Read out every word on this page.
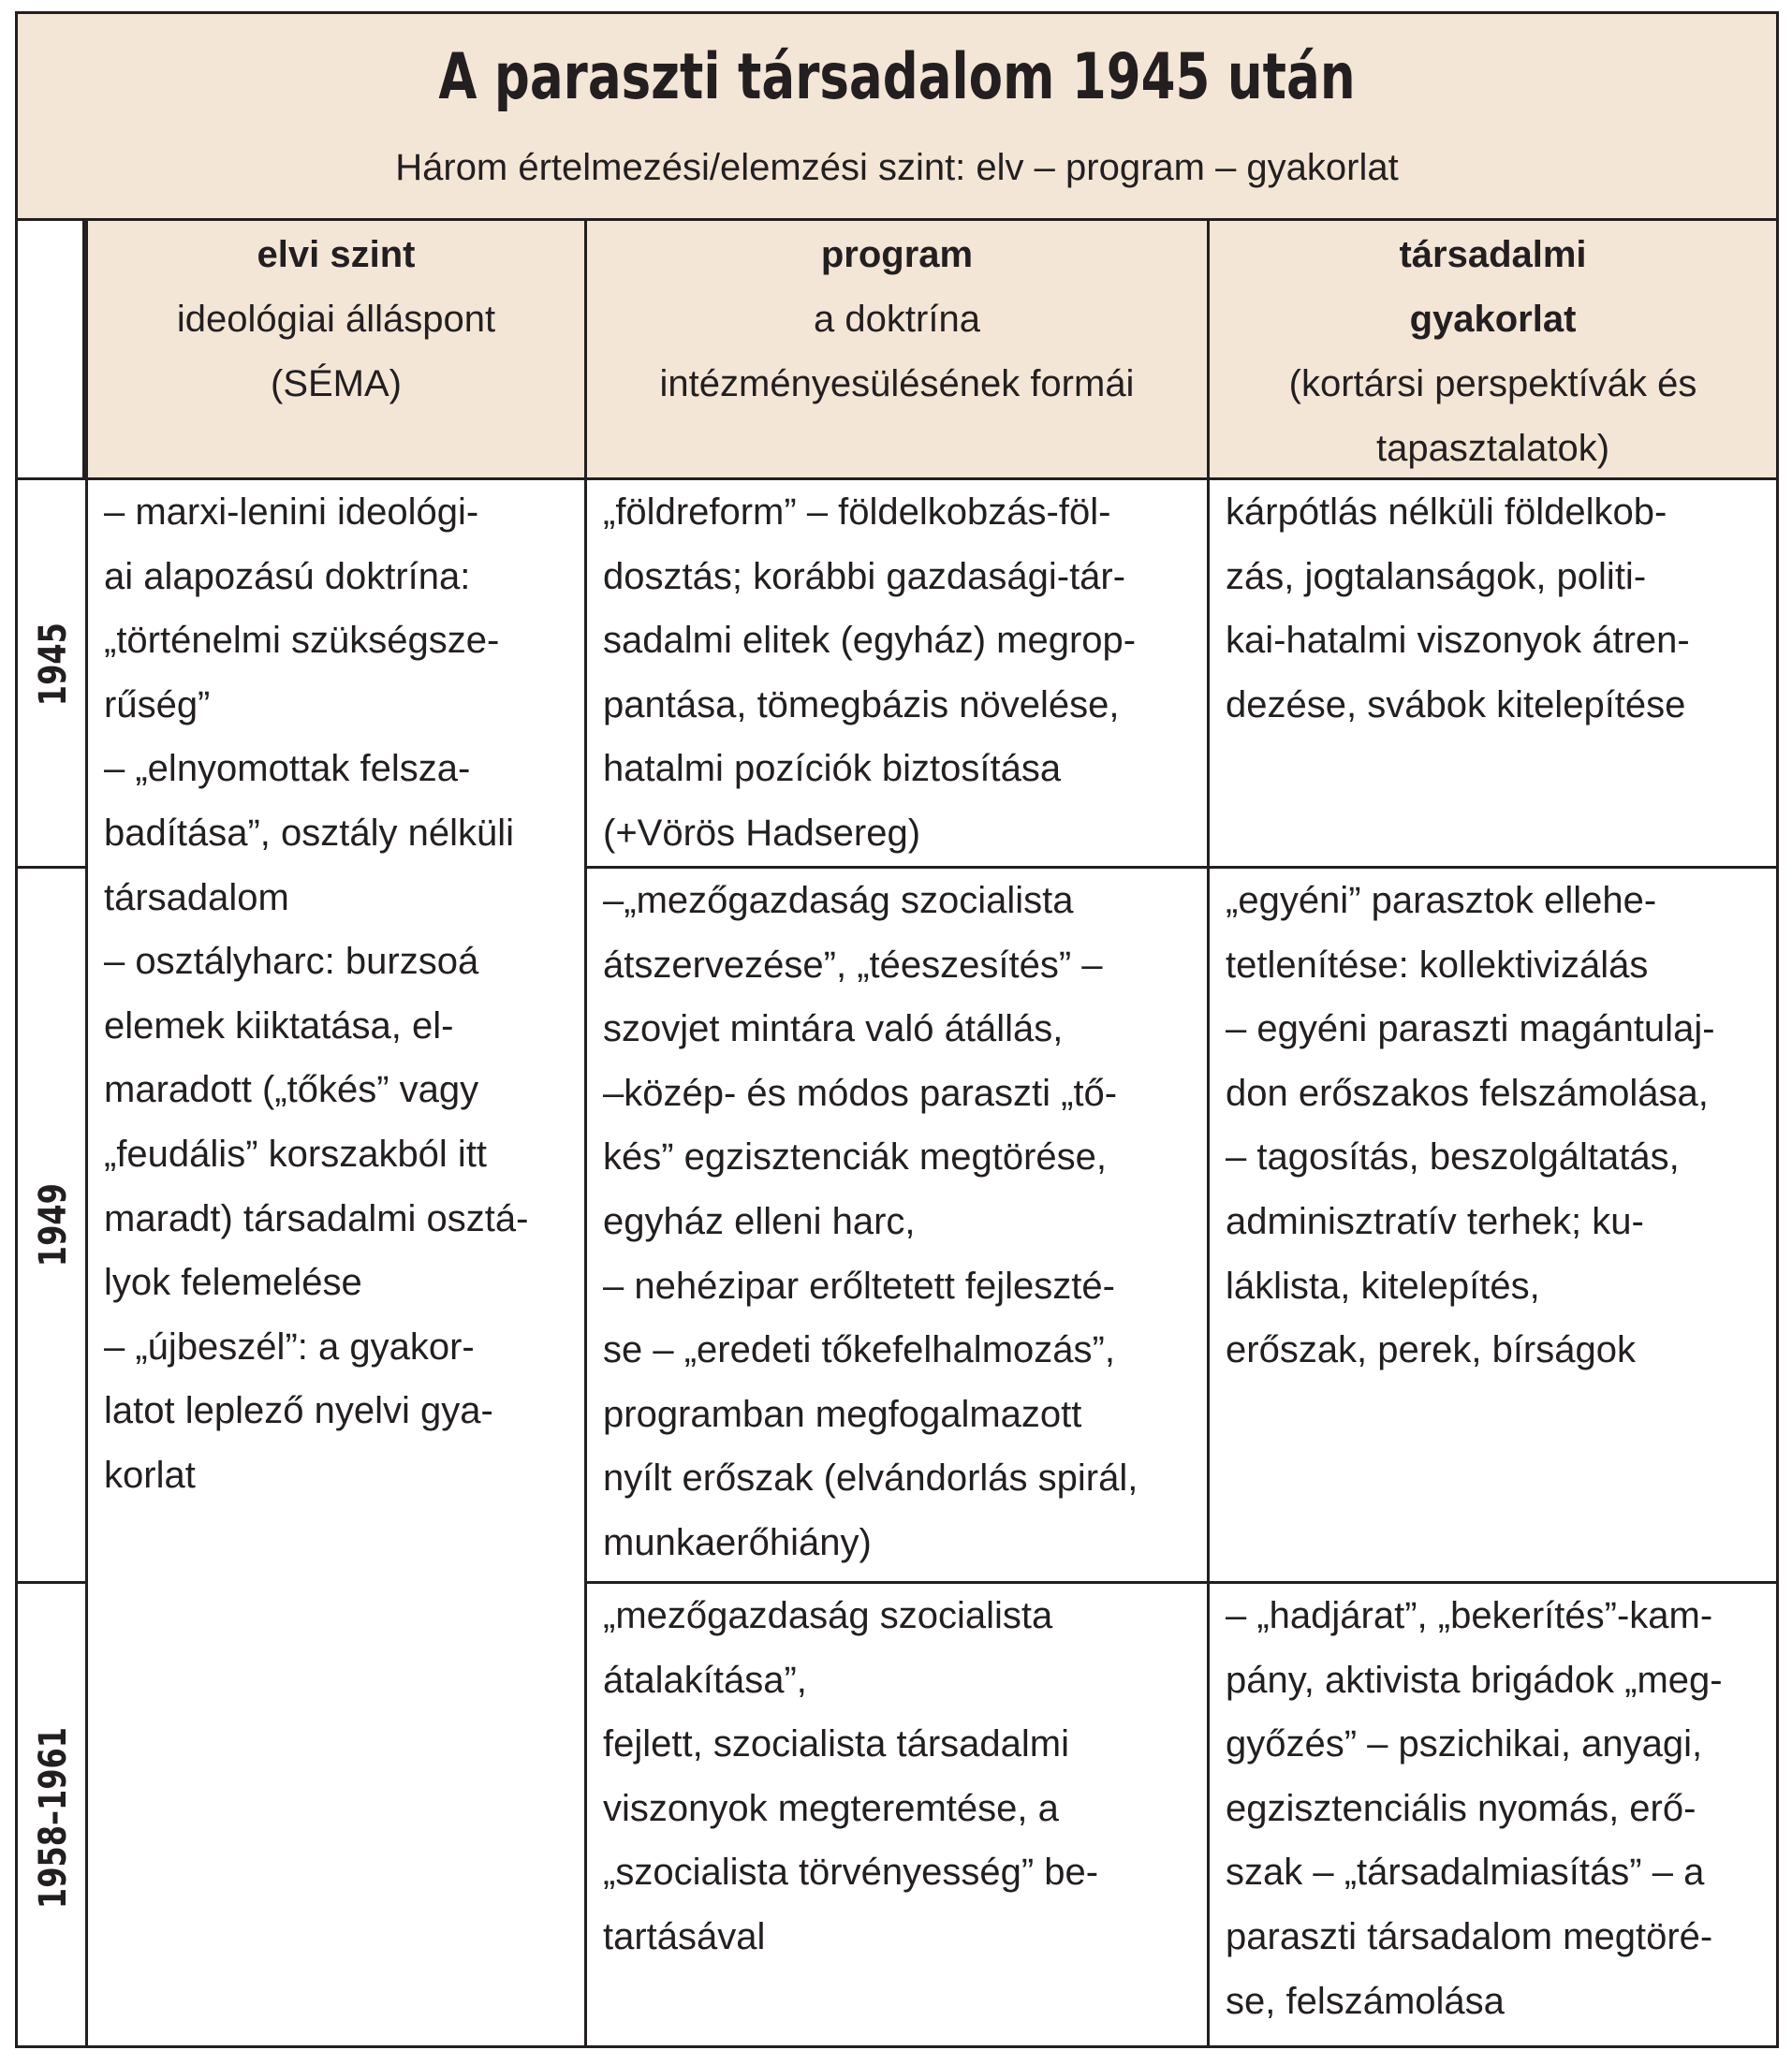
A paraszti társadalom 1945 után
Három értelmezési/elemzési szint: elv – program – gyakorlat
elvi szint
ideológiai álláspont
(SÉMA)
program
a doktrína
intézményesülésének formái
társadalmi
gyakorlat
(kortársi perspektívák és
tapasztalatok)
1945
1949
1958–1961
– marxi-lenini ideológi-
ai alapozású doktrína:
„történelmi szükségsze-
rűség”
– „elnyomottak felsza-
badítása”, osztály nélküli
társadalom
– osztályharc: burzsoá
elemek kiiktatása, el-
maradott („tőkés” vagy
„feudális” korszakból itt
maradt) társadalmi osztá-
lyok felemelése
– „újbeszél”: a gyakor-
latot leplező nyelvi gya-
korlat
„földreform” – földelkobzás-föl-
dosztás; korábbi gazdasági-tár-
sadalmi elitek (egyház) megrop-
pantása, tömegbázis növelése,
hatalmi pozíciók biztosítása
(+Vörös Hadsereg)
–„mezőgazdaság szocialista
átszervezése”, „téeszesítés” –
szovjet mintára való átállás,
–közép- és módos paraszti „tő-
kés” egzisztenciák megtörése,
egyház elleni harc,
– nehézipar erőltetett fejleszté-
se – „eredeti tőkefelhalmozás”,
programban megfogalmazott
nyílt erőszak (elvándorlás spirál,
munkaerőhiány)
„mezőgazdaság szocialista
átalakítása”,
fejlett, szocialista társadalmi
viszonyok megteremtése, a
„szocialista törvényesség” be-
tartásával
kárpótlás nélküli földelkob-
zás, jogtalanságok, politi-
kai-hatalmi viszonyok átren-
dezése, svábok kitelepítése
„egyéni” parasztok ellehe-
tetlenítése: kollektivizálás
– egyéni paraszti magántulaj-
don erőszakos felszámolása,
– tagosítás, beszolgáltatás,
adminisztratív terhek; ku-
láklista, kitelepítés,
erőszak, perek, bírságok
– „hadjárat”, „bekerítés”-kam-
pány, aktivista brigádok „meg-
győzés” – pszichikai, anyagi,
egzisztenciális nyomás, erő-
szak – „társadalmiasítás” – a
paraszti társadalom megtöré-
se, felszámolása
